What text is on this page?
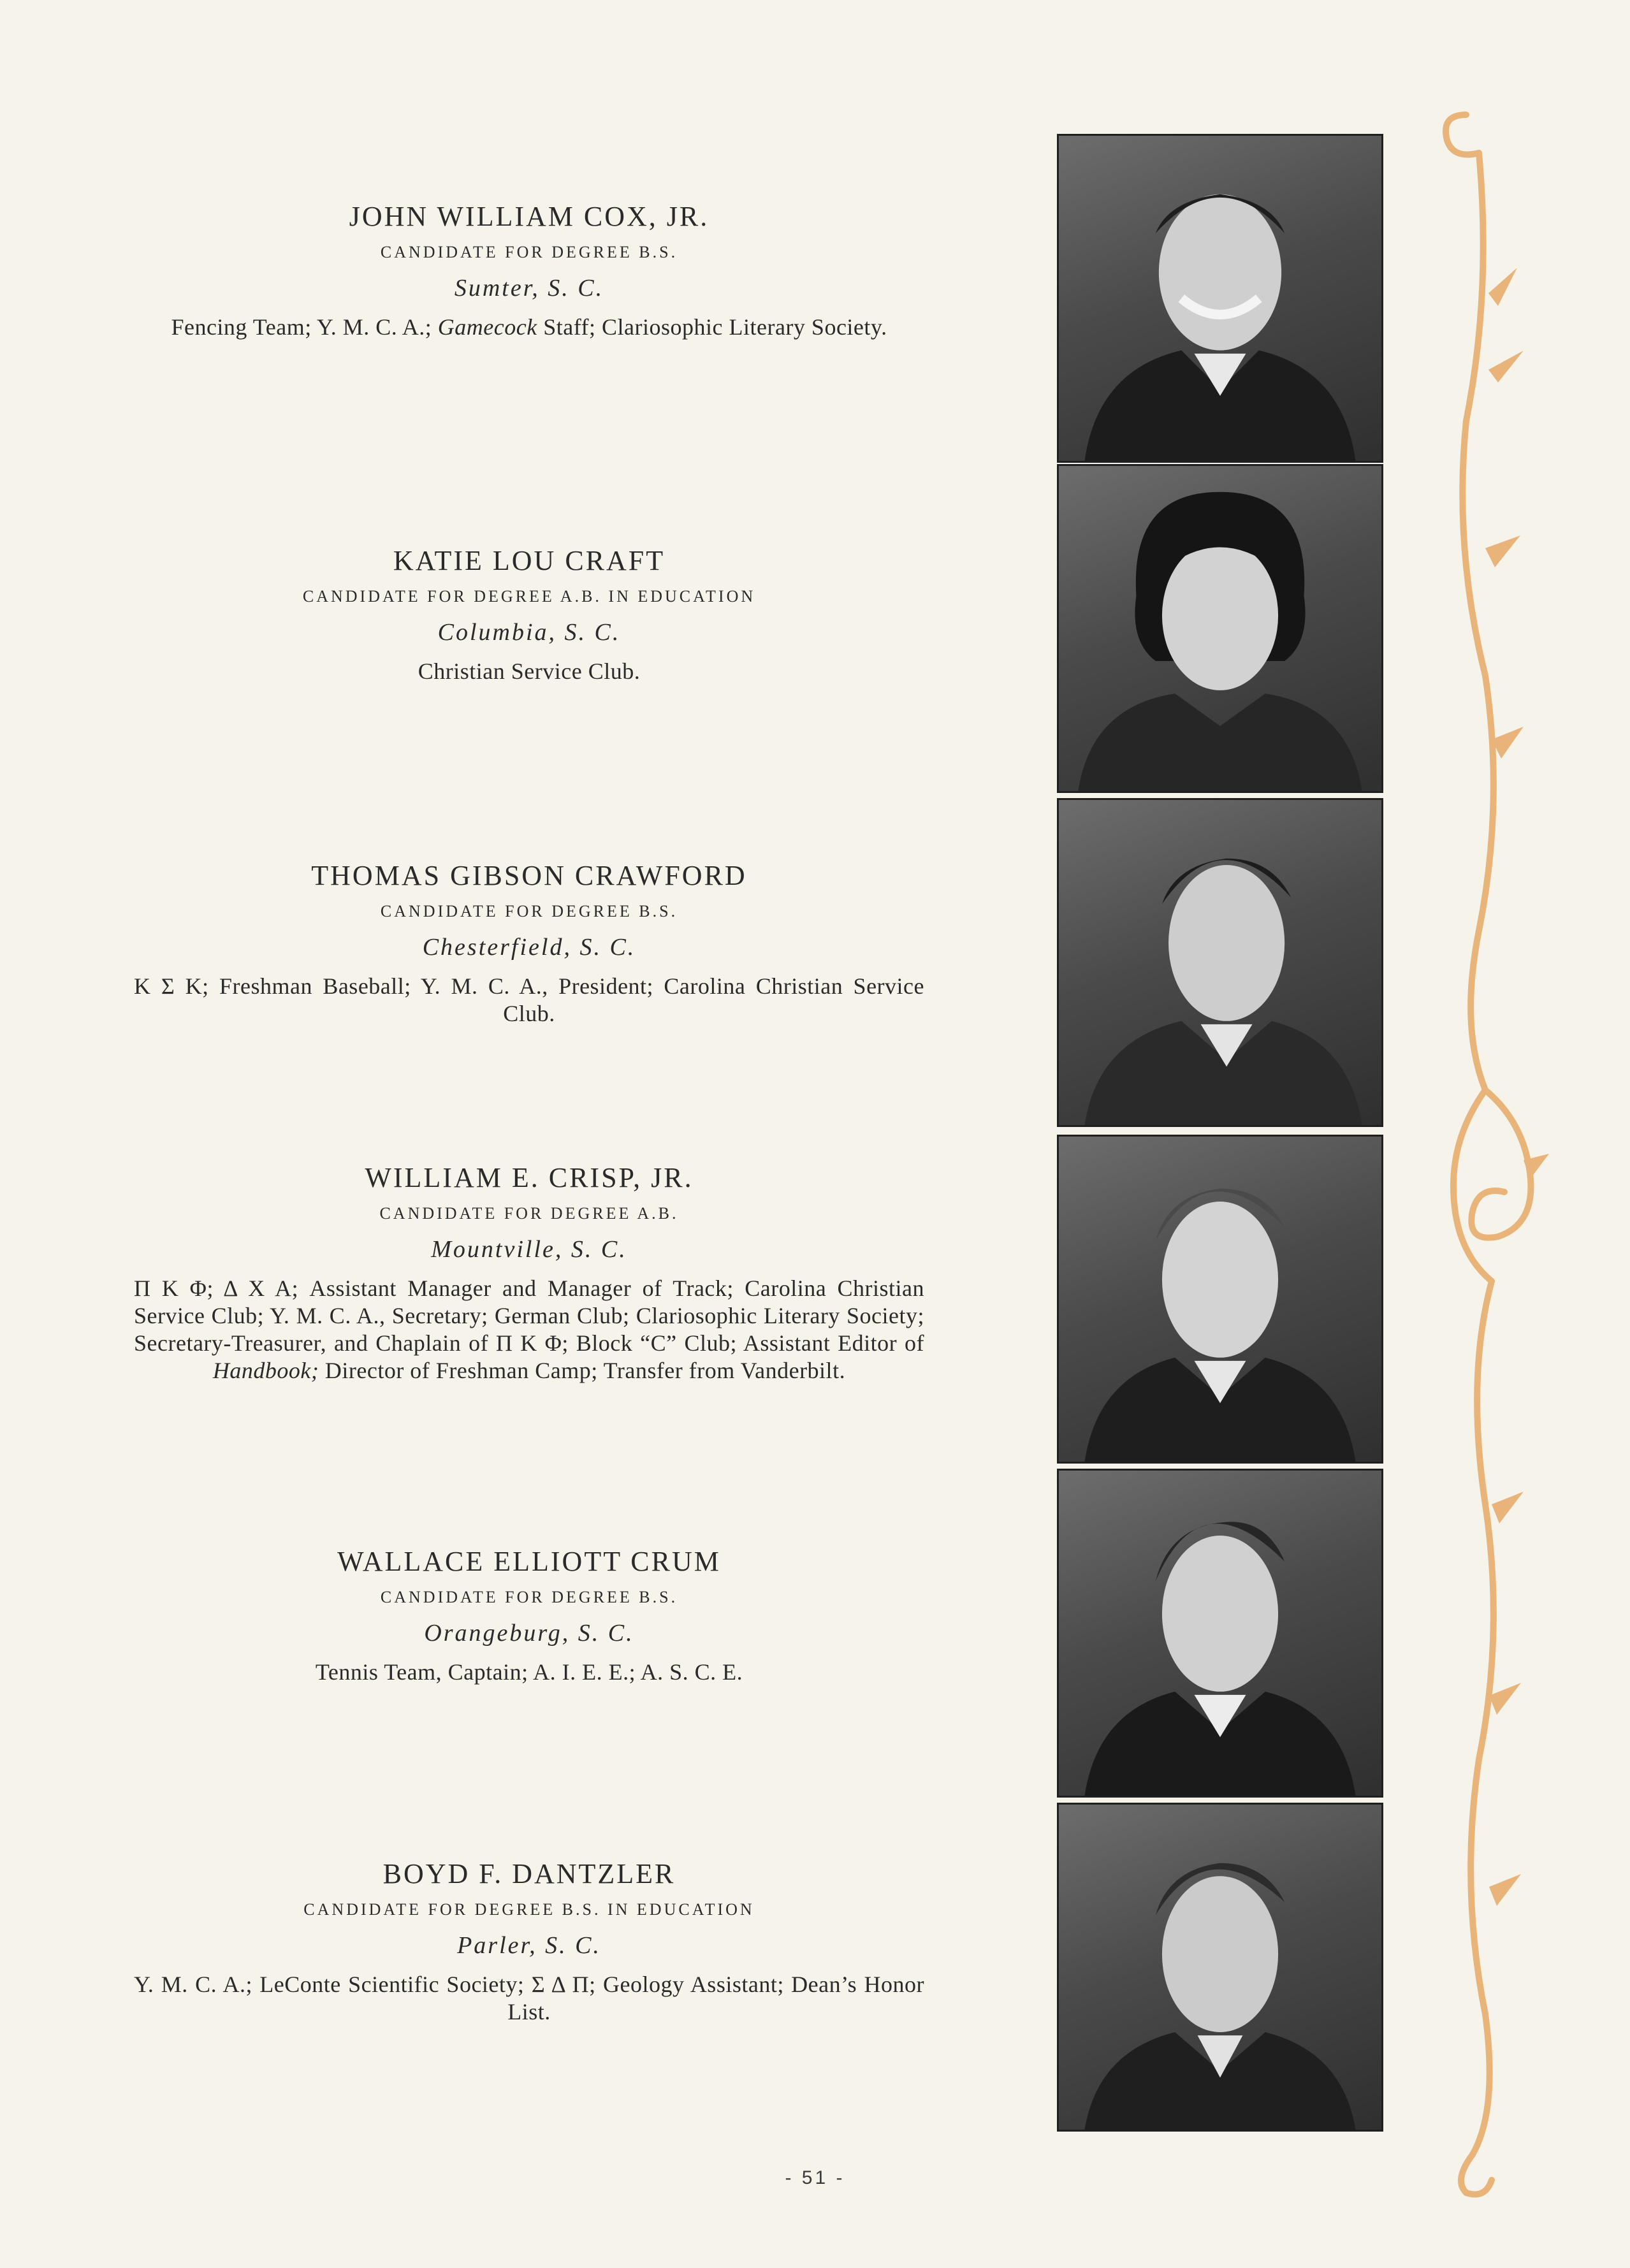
JOHN WILLIAM COX, JR.

CANDIDATE FOR DEGREE B.S.
Sumter, S. C.
Fencing Team; Y. M. C. A.; Gamecock Staff; Clariosophic Literary Society.

KATIE LOU CRAFT

CANDIDATE FOR DEGREE A.B. IN EDUCATION
Columbia, S. C.
Christian Service Club.

THOMAS GIBSON CRAWFORD

CANDIDATE FOR DEGREE B.S.
Chesterfield, S. C.
Κ Σ Κ; Freshman Baseball; Y. M. C. A., President; Carolina Christian Service Club.

WILLIAM E. CRISP, JR.

CANDIDATE FOR DEGREE A.B.
Mountville, S. C.
Π Κ Φ; Δ Χ Α; Assistant Manager and Manager of Track; Carolina Christian Service Club; Y. M. C. A., Secretary; German Club; Clariosophic Literary Society; Secretary-Treasurer, and Chaplain of Π Κ Φ; Block “C” Club; Assistant Editor of Handbook; Director of Freshman Camp; Transfer from Vanderbilt.

WALLACE ELLIOTT CRUM

CANDIDATE FOR DEGREE B.S.
Orangeburg, S. C.
Tennis Team, Captain; A. I. E. E.; A. S. C. E.

BOYD F. DANTZLER

CANDIDATE FOR DEGREE B.S. IN EDUCATION
Parler, S. C.
Y. M. C. A.; LeConte Scientific Society; Σ Δ Π; Geology Assistant; Dean’s Honor List.
- 51 -
